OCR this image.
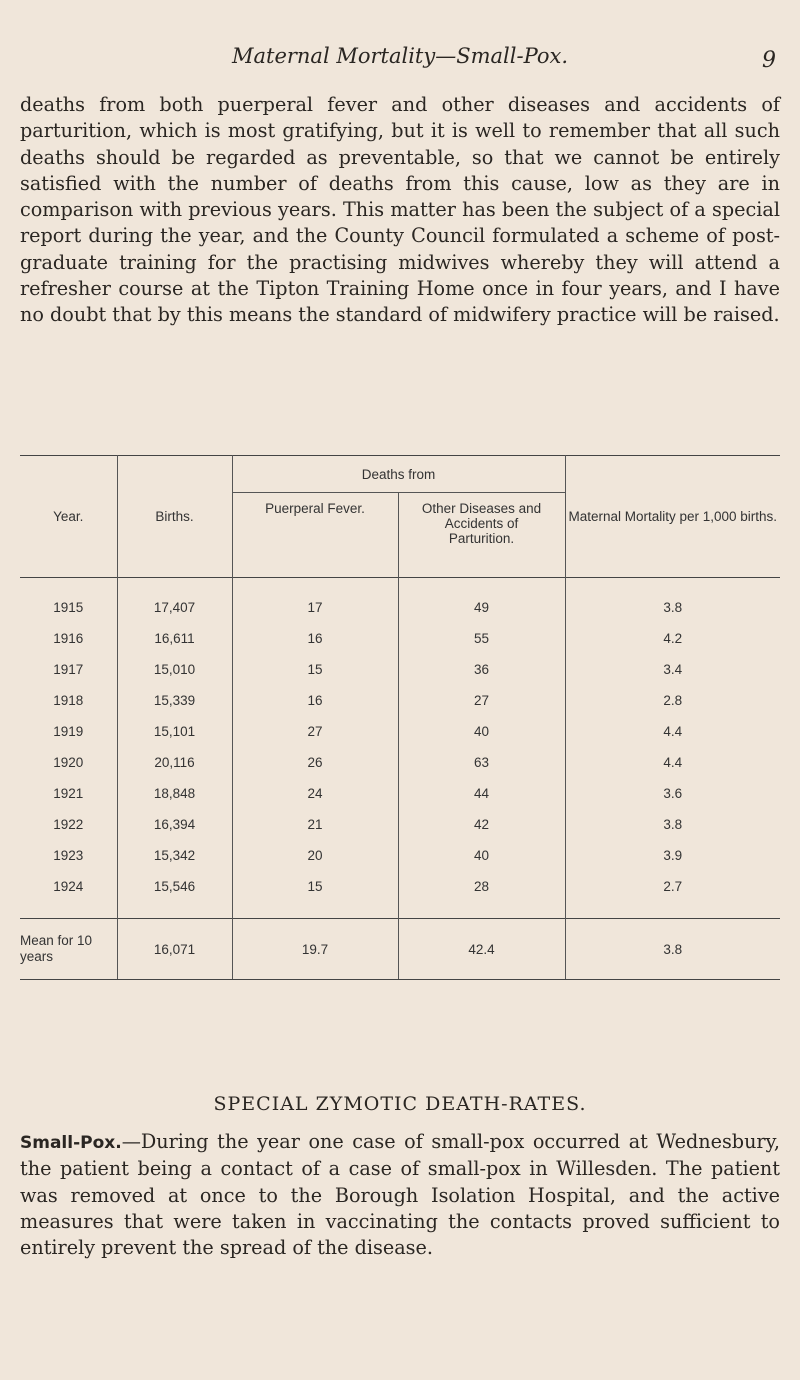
Maternal Mortality—Small-Pox.	9
deaths from both puerperal fever and other diseases and accidents of parturition, which is most gratifying, but it is well to remember that all such deaths should be regarded as preventable, so that we cannot be entirely satisfied with the number of deaths from this cause, low as they are in comparison with previous years. This matter has been the subject of a special report during the year, and the County Council formulated a scheme of post-graduate training for the practising midwives whereby they will attend a refresher course at the Tipton Training Home once in four years, and I have no doubt that by this means the standard of midwifery practice will be raised.
Year.	Births.	Deaths from		Maternal Mortality per 1,000 births.
		Puerperal Fever.	Other Diseases and Accidents of Parturition.	
1915	17,407	17	49	3.8
1916	16,611	16	55	4.2
1917	15,010	15	36	3.4
1918	15,339	16	27	2.8
1919	15,101	27	40	4.4
1920	20,116	26	63	4.4
1921	18,848	24	44	3.6
1922	16,394	21	42	3.8
1923	15,342	20	40	3.9
1924	15,546	15	28	2.7
Mean for 10 years	16,071	19.7	42.4	3.8
SPECIAL ZYMOTIC DEATH-RATES.
Small-Pox.—During the year one case of small-pox occurred at Wednesbury, the patient being a contact of a case of small-pox in Willesden. The patient was removed at once to the Borough Isolation Hospital, and the active measures that were taken in vaccinating the contacts proved sufficient to entirely prevent the spread of the disease.
